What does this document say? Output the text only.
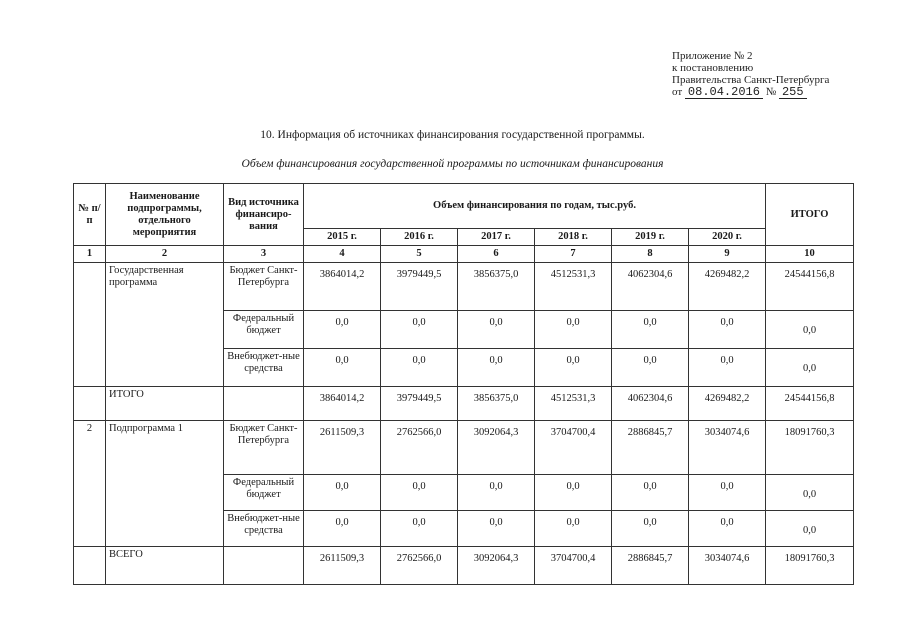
Приложение № 2
к постановлению
Правительства Санкт-Петербурга
от 08.04.2016 № 255
10. Информация об источниках финансирования государственной программы.
Объем финансирования государственной программы по источникам финансирования
№ п/п	Наименование подпрограммы, отдельного мероприятия	Вид источника финансиро-вания	Объем финансирования по годам, тыс.руб.						ИТОГО
			2015 г.	2016 г.	2017 г.	2018 г.	2019 г.	2020 г.	
1	2	3	4	5	6	7	8	9	10
	Государственная программа	Бюджет Санкт-Петербурга	3864014,2	3979449,5	3856375,0	4512531,3	4062304,6	4269482,2	24544156,8
		Федеральный бюджет	0,0	0,0	0,0	0,0	0,0	0,0	0,0
		Внебюджет-ные средства	0,0	0,0	0,0	0,0	0,0	0,0	0,0
	ИТОГО		3864014,2	3979449,5	3856375,0	4512531,3	4062304,6	4269482,2	24544156,8
2	Подпрограмма 1	Бюджет Санкт-Петербурга	2611509,3	2762566,0	3092064,3	3704700,4	2886845,7	3034074,6	18091760,3
		Федеральный бюджет	0,0	0,0	0,0	0,0	0,0	0,0	0,0
		Внебюджет-ные средства	0,0	0,0	0,0	0,0	0,0	0,0	0,0
	ВСЕГО		2611509,3	2762566,0	3092064,3	3704700,4	2886845,7	3034074,6	18091760,3
